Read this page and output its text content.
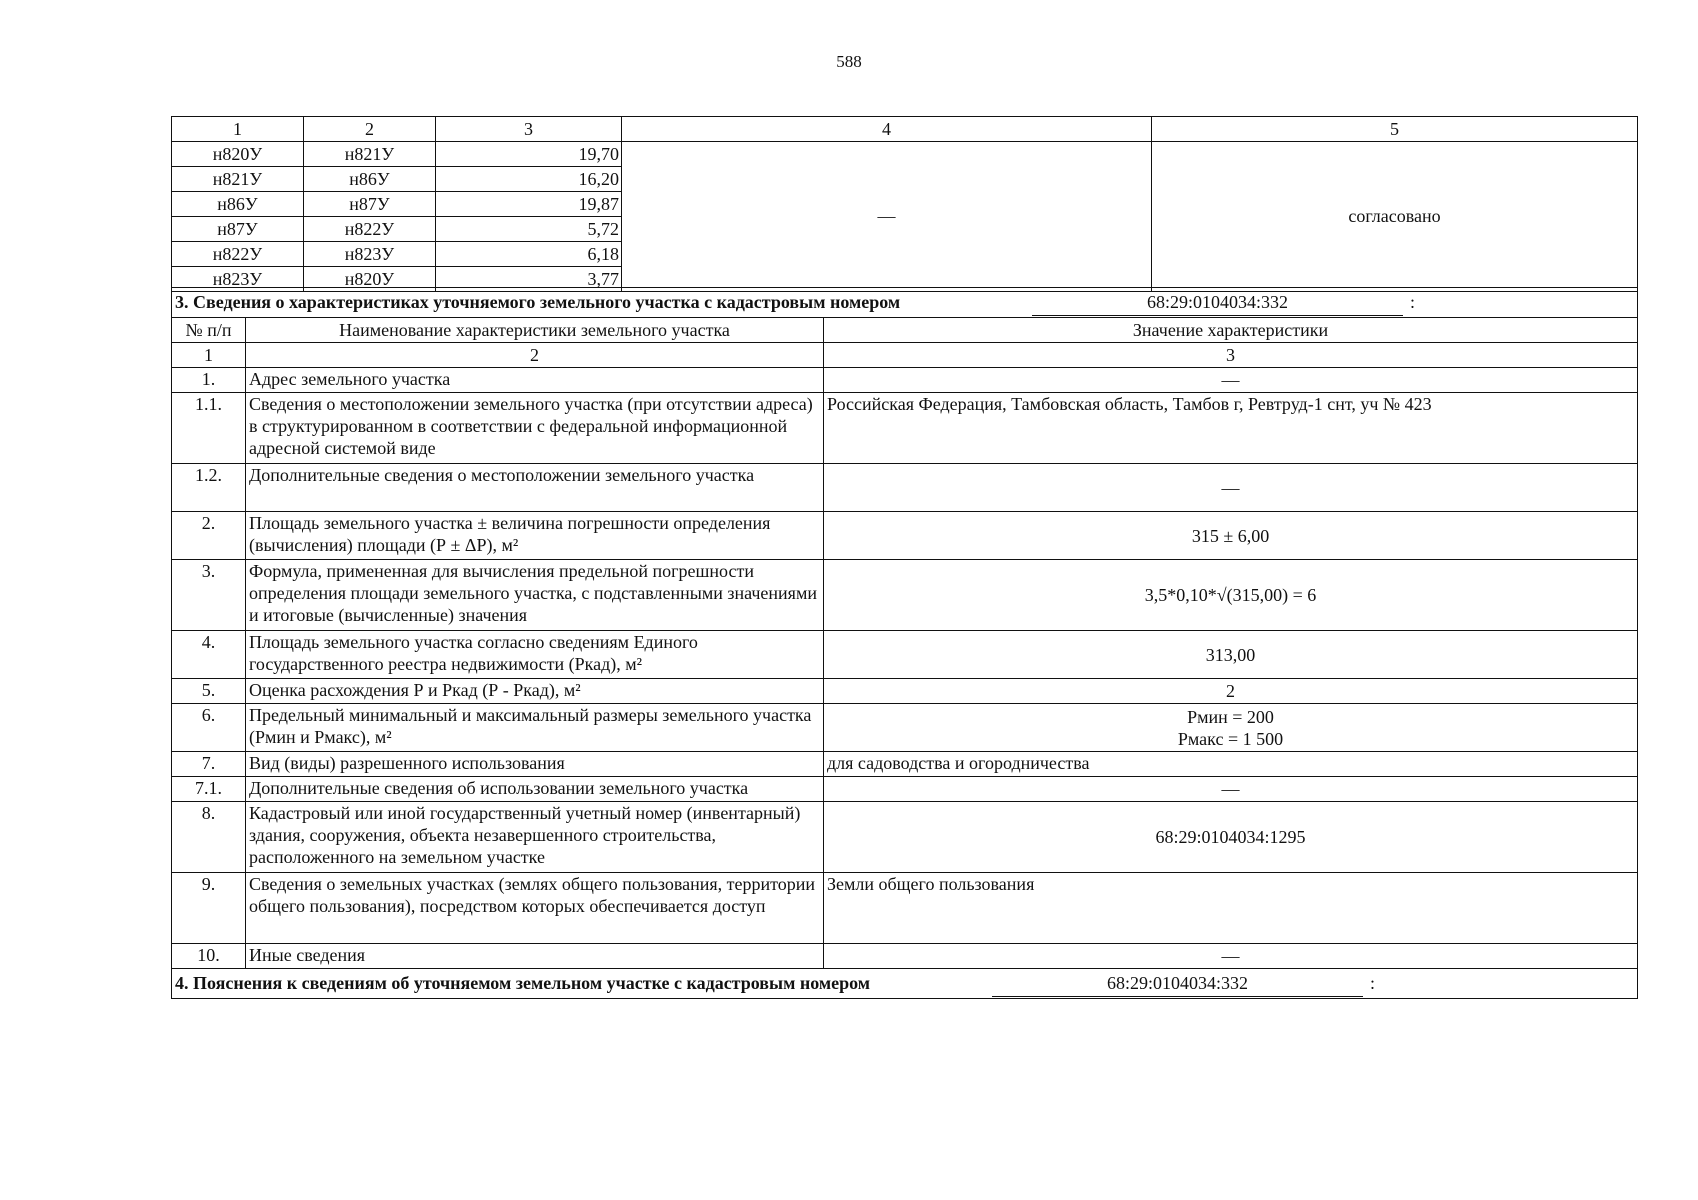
588
1	2	3	4	5
н820У	н821У	19,70	—	согласовано
н821У	н86У	16,20		
н86У	н87У	19,87		
н87У	н822У	5,72		
н822У	н823У	6,18		
н823У	н820У	3,77		
3. Сведения о характеристиках уточняемого земельного участка с кадастровым номером 68:29:0104034:332 :		

№ п/п	Наименование характеристики земельного участка	Значение характеристики
1	2	3
1.	Адрес земельного участка	—
1.1.	Сведения о местоположении земельного участка (при отсутствии адреса) в структурированном в соответствии с федеральной информационной адресной системой виде	Российская Федерация, Тамбовская область, Тамбов г, Ревтруд-1 снт, уч № 423
1.2.	Дополнительные сведения о местоположении земельного участка	—
2.	Площадь земельного участка ± величина погрешности определения (вычисления) площади (Р ± ΔР), м²	315 ± 6,00
3.	Формула, примененная для вычисления предельной погрешности определения площади земельного участка, с подставленными значениями и итоговые (вычисленные) значения	3,5*0,10*√(315,00) = 6
4.	Площадь земельного участка согласно сведениям Единого государственного реестра недвижимости (Ркад), м²	313,00
5.	Оценка расхождения Р и Ркад (Р - Ркад), м²	2
6.	Предельный минимальный и максимальный размеры земельного участка (Рмин и Рмакс), м²	Рмин = 200
Рмакс = 1 500

7.	Вид (виды) разрешенного использования	для садоводства и огородничества
7.1.	Дополнительные сведения об использовании земельного участка	—
8.	Кадастровый или иной государственный учетный номер (инвентарный) здания, сооружения, объекта незавершенного строительства, расположенного на земельном участке	68:29:0104034:1295
9.	Сведения о земельных участках (землях общего пользования, территории общего пользования), посредством которых обеспечивается доступ	Земли общего пользования
10.	Иные сведения	—

4. Пояснения к сведениям об уточняемом земельном участке с кадастровым номером 68:29:0104034:332 :		
